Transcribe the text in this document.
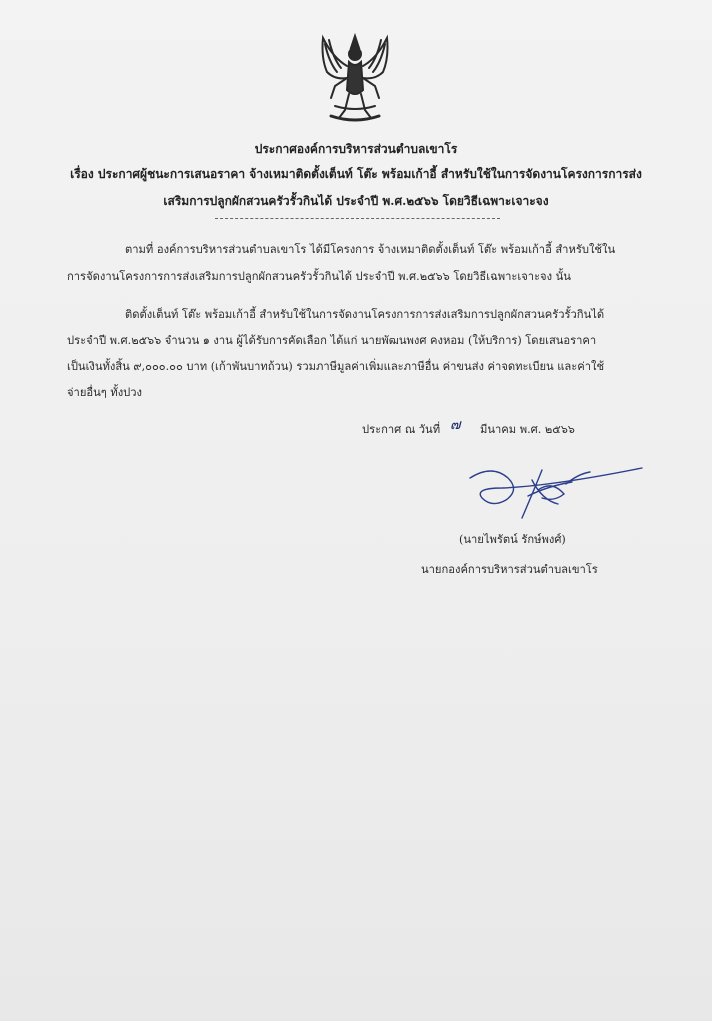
ประกาศองค์การบริหารส่วนตำบลเขาโร
เรื่อง ประกาศผู้ชนะการเสนอราคา จ้างเหมาติดตั้งเต็นท์ โต๊ะ พร้อมเก้าอี้ สำหรับใช้ในการจัดงานโครงการการส่ง
เสริมการปลูกผักสวนครัวรั้วกินได้ ประจำปี พ.ศ.๒๕๖๖ โดยวิธีเฉพาะเจาะจง
ตามที่ องค์การบริหารส่วนตำบลเขาโร ได้มีโครงการ จ้างเหมาติดตั้งเต็นท์ โต๊ะ พร้อมเก้าอี้ สำหรับใช้ใน
การจัดงานโครงการการส่งเสริมการปลูกผักสวนครัวรั้วกินได้ ประจำปี พ.ศ.๒๕๖๖ โดยวิธีเฉพาะเจาะจง นั้น
ติดตั้งเต็นท์ โต๊ะ พร้อมเก้าอี้ สำหรับใช้ในการจัดงานโครงการการส่งเสริมการปลูกผักสวนครัวรั้วกินได้
ประจำปี พ.ศ.๒๕๖๖ จำนวน ๑ งาน ผู้ได้รับการคัดเลือก ได้แก่ นายพัฒนพงศ คงหอม (ให้บริการ) โดยเสนอราคา
เป็นเงินทั้งสิ้น ๙,๐๐๐.๐๐ บาท (เก้าพันบาทถ้วน) รวมภาษีมูลค่าเพิ่มและภาษีอื่น ค่าขนส่ง ค่าจดทะเบียน และค่าใช้
จ่ายอื่นๆ ทั้งปวง
ประกาศ ณ วันที่ ๗ มีนาคม พ.ศ. ๒๕๖๖
(นายไพรัตน์ รักษ์พงศ์)
นายกองค์การบริหารส่วนตำบลเขาโร
